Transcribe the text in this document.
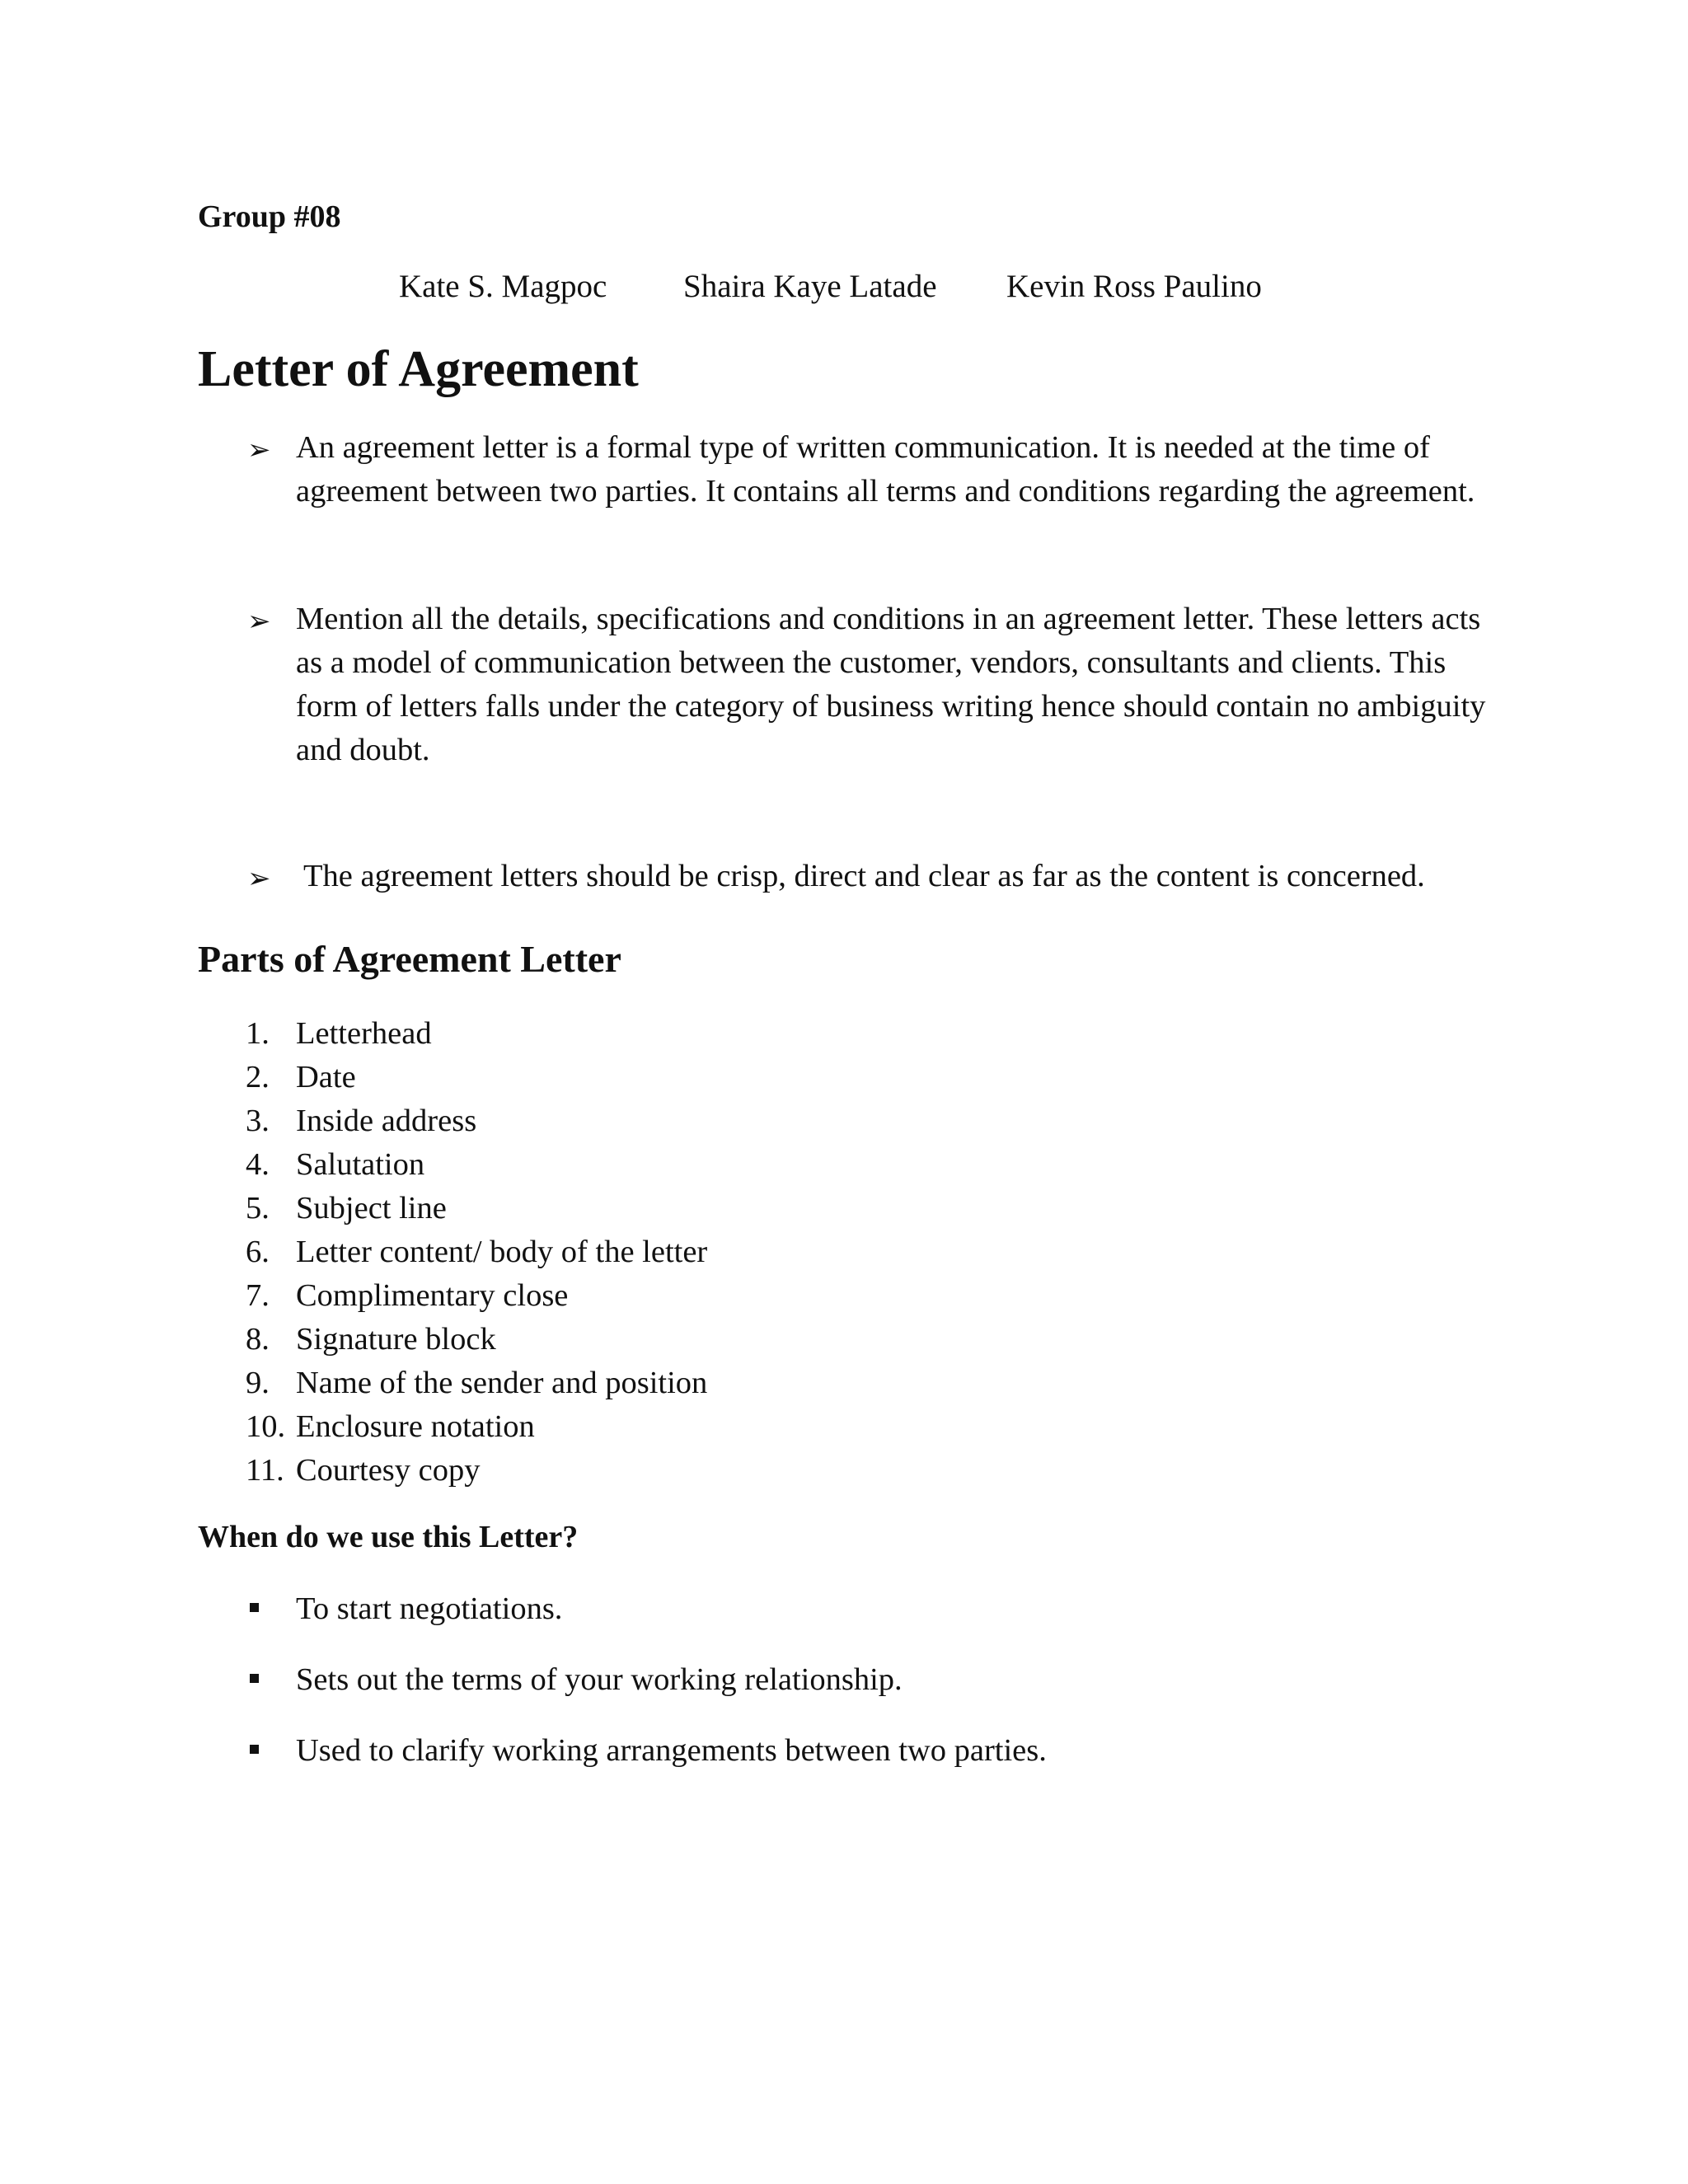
Group #08
Kate S. Magpoc Shaira Kaye Latade Kevin Ross Paulino
Letter of Agreement
➢ An agreement letter is a formal type of written communication. It is needed at the time of agreement between two parties. It contains all terms and conditions regarding the agreement.
➢ Mention all the details, specifications and conditions in an agreement letter. These letters acts as a model of communication between the customer, vendors, consultants and clients. This form of letters falls under the category of business writing hence should contain no ambiguity and doubt.
➢ The agreement letters should be crisp, direct and clear as far as the content is concerned.
Parts of Agreement Letter
1. Letterhead
2. Date
3. Inside address
4. Salutation
5. Subject line
6. Letter content/ body of the letter
7. Complimentary close
8. Signature block
9. Name of the sender and position
10. Enclosure notation
11. Courtesy copy
When do we use this Letter?
To start negotiations.
Sets out the terms of your working relationship.
Used to clarify working arrangements between two parties.
